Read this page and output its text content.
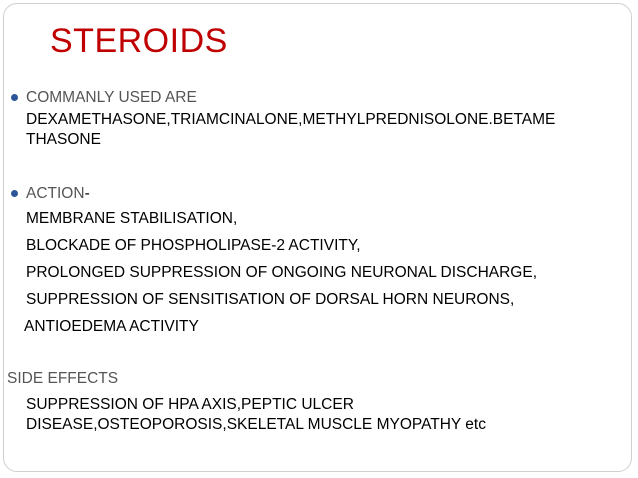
STEROIDS
COMMANLY USED ARE
DEXAMETHASONE,TRIAMCINALONE,METHYLPREDNISOLONE.BETAME
THASONE
ACTION-
MEMBRANE STABILISATION,
BLOCKADE OF PHOSPHOLIPASE-2 ACTIVITY,
PROLONGED SUPPRESSION OF ONGOING NEURONAL DISCHARGE,
SUPPRESSION OF SENSITISATION OF DORSAL HORN NEURONS,
ANTIOEDEMA ACTIVITY
SIDE EFFECTS
SUPPRESSION OF HPA AXIS,PEPTIC ULCER
DISEASE,OSTEOPOROSIS,SKELETAL MUSCLE MYOPATHY etc
